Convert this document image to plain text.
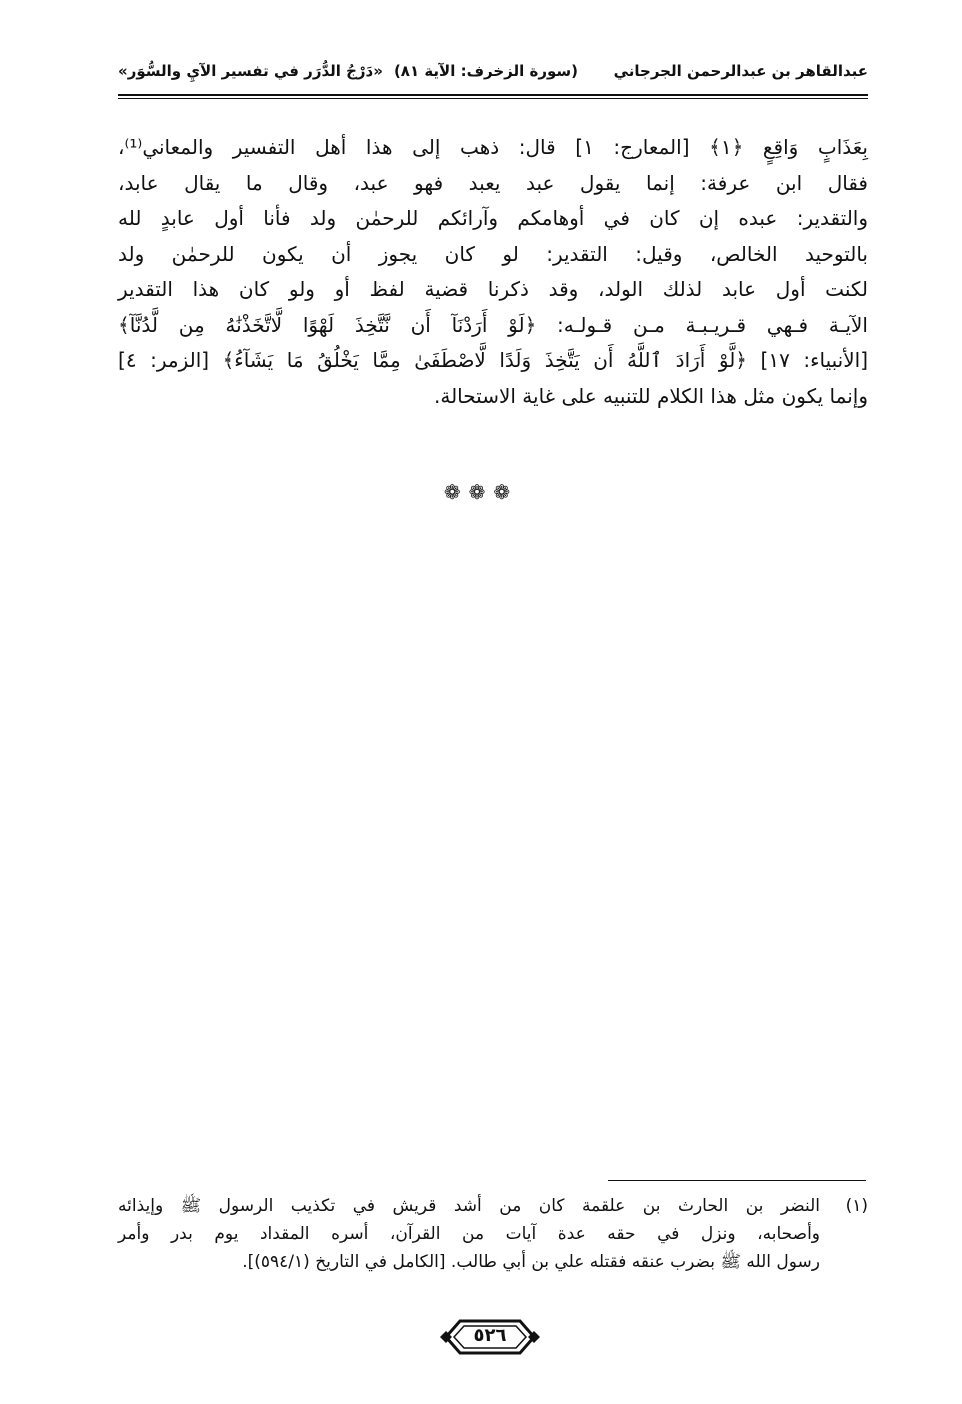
عبدالقاهر بن عبدالرحمن الجرجاني
(سورة الزخرف: الآية ٨١)
«دَرْجُ الدُّرَر في تفسير الآيِ والسُّوَر»

بِعَذَابٍ وَاقِعٍ ﴿١﴾ [المعارج: ١] قال: ذهب إلى هذا أهل التفسير والمعاني⁽¹⁾،

فقال ابن عرفة: إنما يقول عبد يعبد فهو عبد، وقال ما يقال عابد،

والتقدير: عبده إن كان في أوهامكم وآرائكم للرحمٰن ولد فأنا أول عابدٍ لله

بالتوحيد الخالص، وقيل: التقدير: لو كان يجوز أن يكون للرحمٰن ولد

لكنت أول عابد لذلك الولد، وقد ذكرنا قضية لفظ أو ولو كان هذا التقدير

الآيـة فـهي قـريـبـة مـن قـولـه: ﴿لَوْ أَرَدْنَآ أَن نَّتَّخِذَ لَهْوًا لَّاتَّخَذْنَٰهُ مِن لَّدُنَّآ﴾

[الأنبياء: ١٧] ﴿لَّوْ أَرَادَ ٱللَّهُ أَن يَتَّخِذَ وَلَدًا لَّاصْطَفَىٰ مِمَّا يَخْلُقُ مَا يَشَآءُ﴾ [الزمر: ٤]

وإنما يكون مثل هذا الكلام للتنبيه على غاية الاستحالة.

❁❁❁
(١)

النضر بن الحارث بن علقمة كان من أشد قريش في تكذيب الرسول ﷺ وإيذائه

وأصحابه، ونزل في حقه عدة آيات من القرآن، أسره المقداد يوم بدر وأمر

رسول الله ﷺ بضرب عنقه فقتله علي بن أبي طالب. [الكامل في التاريخ (٥٩٤/١)].

٥٢٦
